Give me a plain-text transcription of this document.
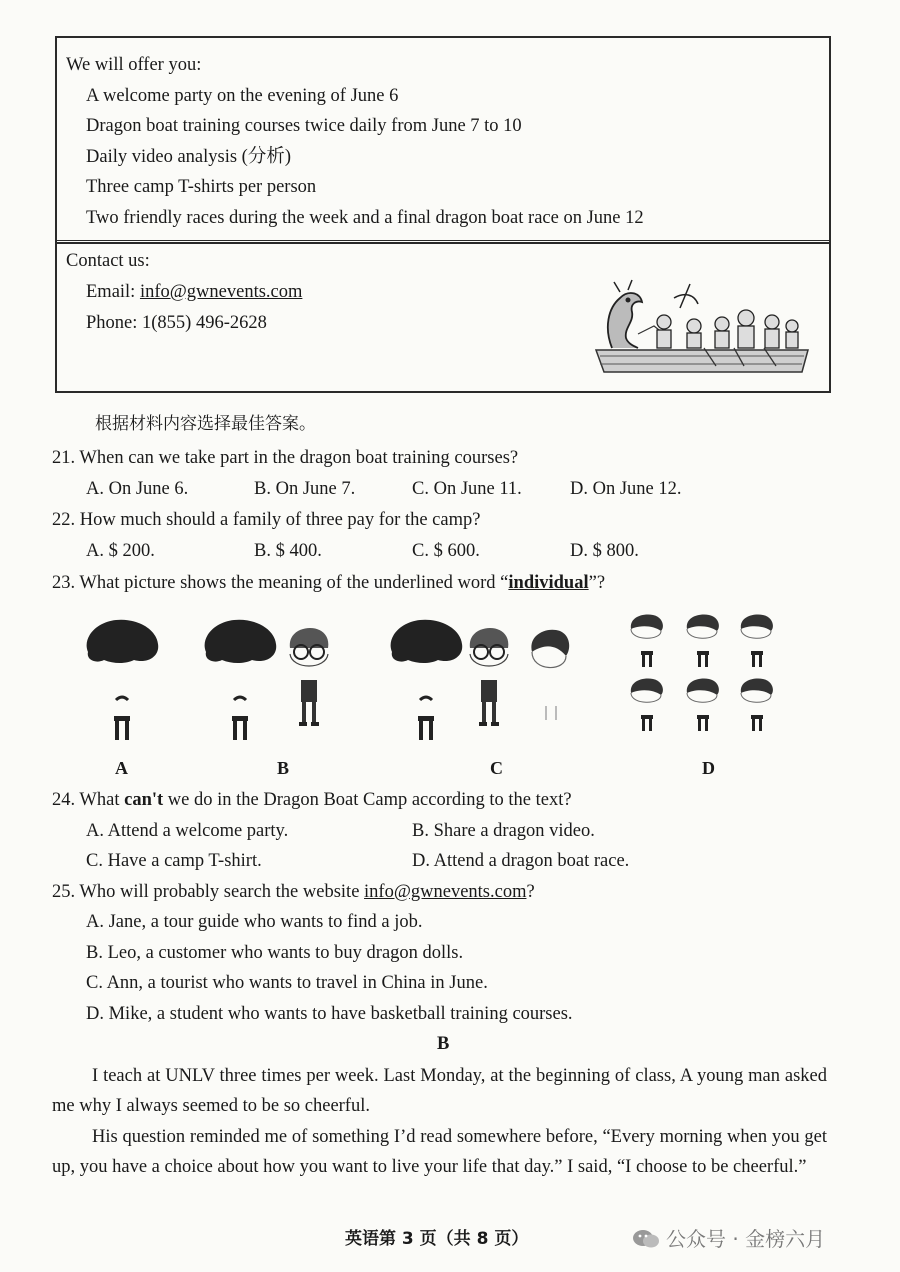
We will offer you:
A welcome party on the evening of June 6
Dragon boat training courses twice daily from June 7 to 10
Daily video analysis (分析)
Three camp T-shirts per person
Two friendly races during the week and a final dragon boat race on June 12
Contact us:
Email: info@gwnevents.com
Phone: 1(855) 496-2628
根据材料内容选择最佳答案。
21. When can we take part in the dragon boat training courses?
A. On June 6.	B. On June 7.	C. On June 11.	D. On June 12.
22. How much should a family of three pay for the camp?
A. $ 200.	B. $ 400.	C. $ 600.	D. $ 800.
23. What picture shows the meaning of the underlined word “individual”?
A	B	C	D
24. What can't we do in the Dragon Boat Camp according to the text?
A. Attend a welcome party.	B. Share a dragon video.
C. Have a camp T-shirt.	D. Attend a dragon boat race.
25. Who will probably search the website info@gwnevents.com?
A. Jane, a tour guide who wants to find a job.
B. Leo, a customer who wants to buy dragon dolls.
C. Ann, a tourist who wants to travel in China in June.
D. Mike, a student who wants to have basketball training courses.
B
I teach at UNLV three times per week. Last Monday, at the beginning of class, A young man asked me why I always seemed to be so cheerful.
His question reminded me of something I’d read somewhere before, “Every morning when you get up, you have a choice about how you want to live your life that day.” I said, “I choose to be cheerful.”
英语第 3 页（共 8 页）	公众号 · 金榜六月
